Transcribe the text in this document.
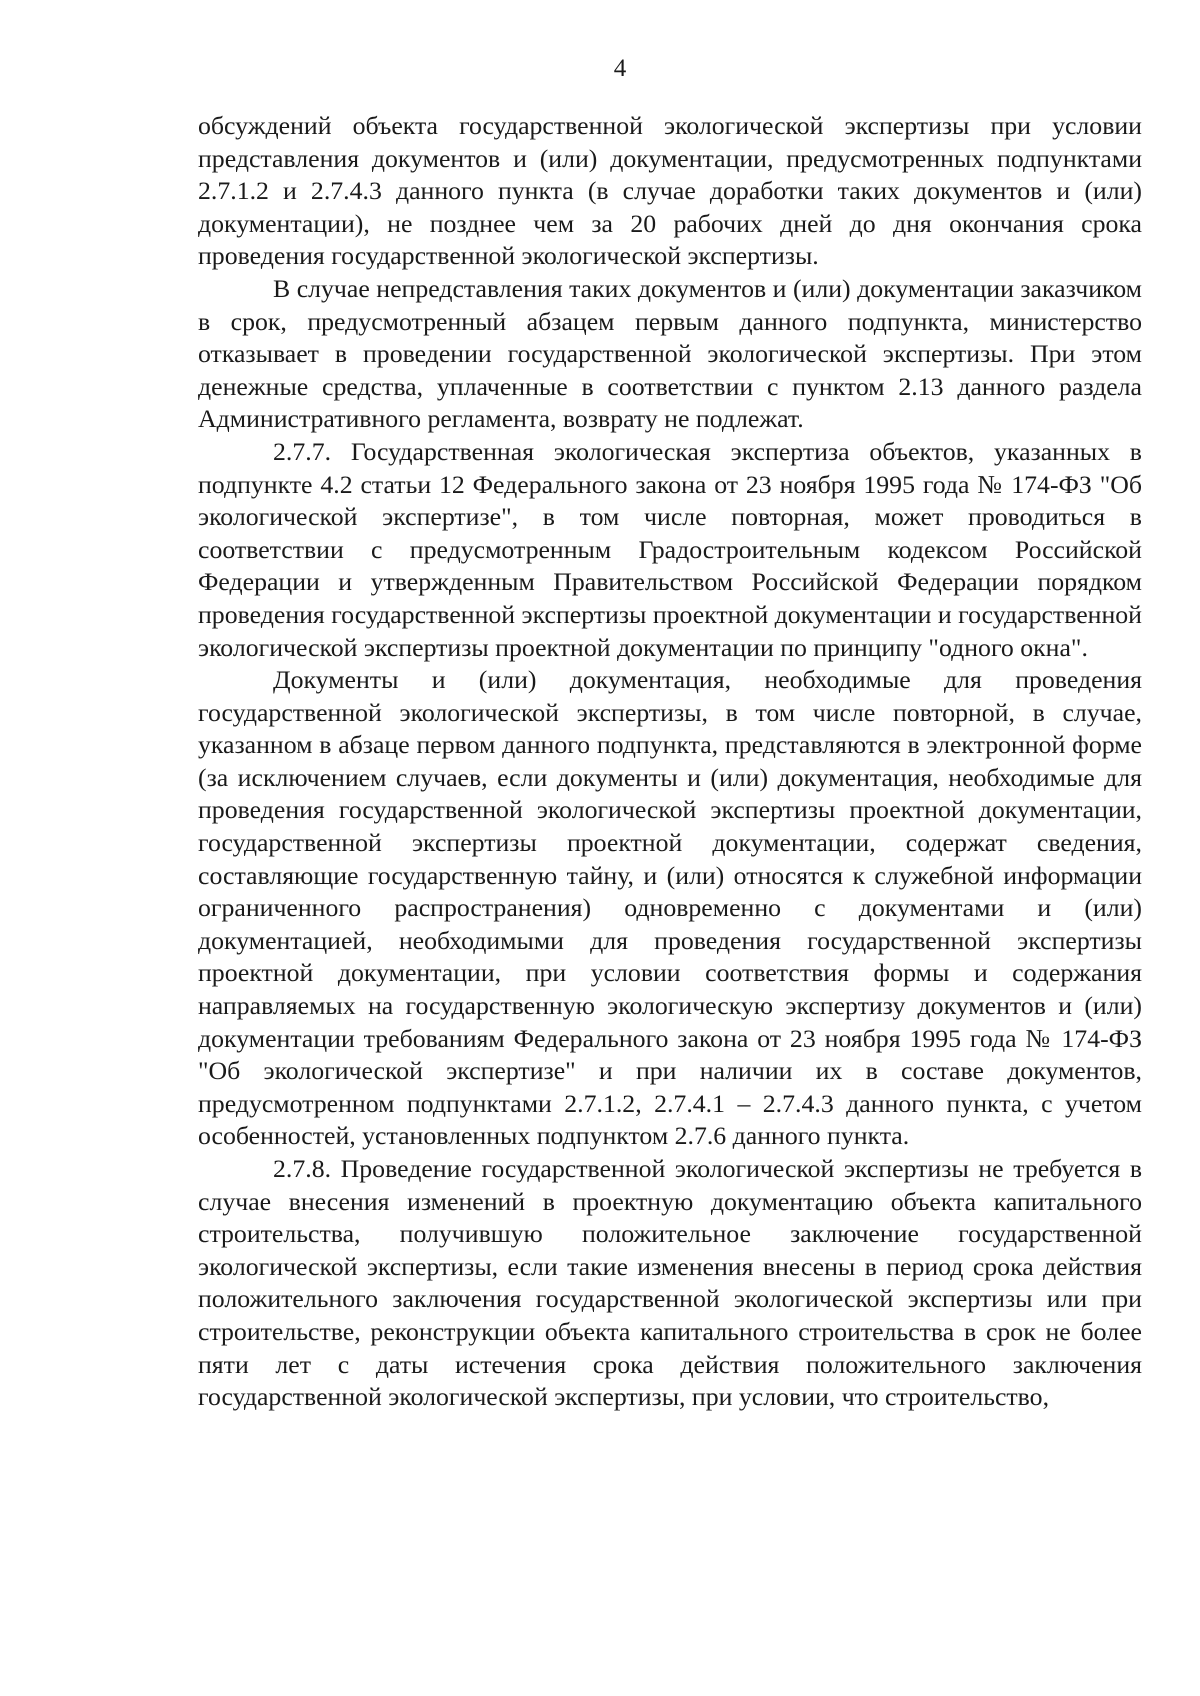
4

обсуждений объекта государственной экологической экспертизы при условии представления документов и (или) документации, предусмотренных подпунктами 2.7.1.2 и 2.7.4.3 данного пункта (в случае доработки таких документов и (или) документации), не позднее чем за 20 рабочих дней до дня окончания срока проведения государственной экологической экспертизы.

В случае непредставления таких документов и (или) документации заказчиком в срок, предусмотренный абзацем первым данного подпункта, министерство отказывает в проведении государственной экологической экспертизы. При этом денежные средства, уплаченные в соответствии с пунктом 2.13 данного раздела Административного регламента, возврату не подлежат.

2.7.7. Государственная экологическая экспертиза объектов, указанных в подпункте 4.2 статьи 12 Федерального закона от 23 ноября 1995 года № 174-ФЗ "Об экологической экспертизе", в том числе повторная, может проводиться в соответствии с предусмотренным Градостроительным кодексом Российской Федерации и утвержденным Правительством Российской Федерации порядком проведения государственной экспертизы проектной документации и государственной экологической экспертизы проектной документации по принципу "одного окна".

Документы и (или) документация, необходимые для проведения государственной экологической экспертизы, в том числе повторной, в случае, указанном в абзаце первом данного подпункта, представляются в электронной форме (за исключением случаев, если документы и (или) документация, необходимые для проведения государственной экологической экспертизы проектной документации, государственной экспертизы проектной документации, содержат сведения, составляющие государственную тайну, и (или) относятся к служебной информации ограниченного распространения) одновременно с документами и (или) документацией, необходимыми для проведения государственной экспертизы проектной документации, при условии соответствия формы и содержания направляемых на государственную экологическую экспертизу документов и (или) документации требованиям Федерального закона от 23 ноября 1995 года № 174-ФЗ "Об экологической экспертизе" и при наличии их в составе документов, предусмотренном подпунктами 2.7.1.2, 2.7.4.1 – 2.7.4.3 данного пункта, с учетом особенностей, установленных подпунктом 2.7.6 данного пункта.

2.7.8. Проведение государственной экологической экспертизы не требуется в случае внесения изменений в проектную документацию объекта капитального строительства, получившую положительное заключение государственной экологической экспертизы, если такие изменения внесены в период срока действия положительного заключения государственной экологической экспертизы или при строительстве, реконструкции объекта капитального строительства в срок не более пяти лет с даты истечения срока действия положительного заключения государственной экологической экспертизы, при условии, что строительство,
